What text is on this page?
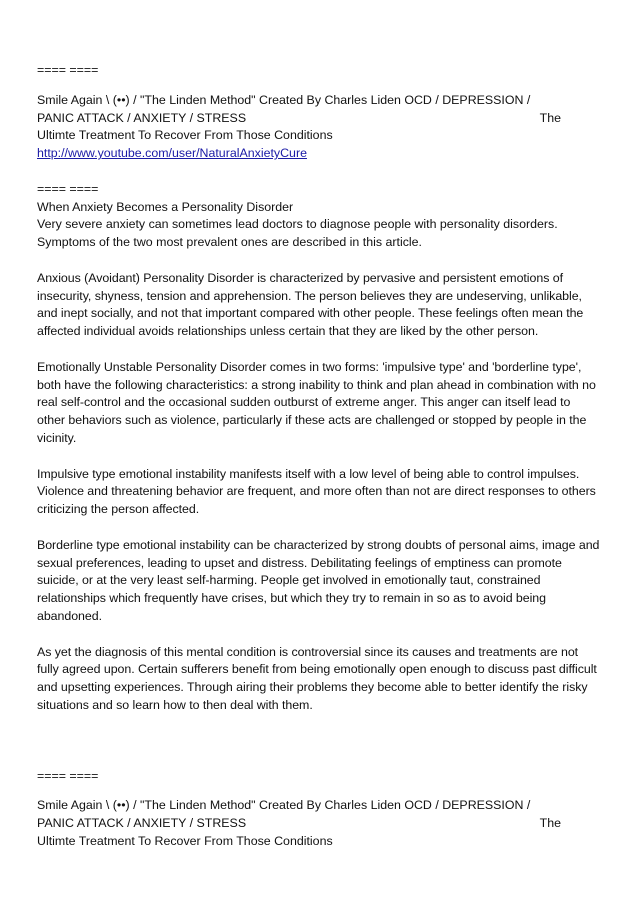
==== ====
Smile Again \ (••) / "The Linden Method" Created By Charles Liden OCD / DEPRESSION /
PANIC ATTACK / ANXIETY / STRESS	The
Ultimte Treatment To Recover From Those Conditions
http://www.youtube.com/user/NaturalAnxietyCure
==== ====
When Anxiety Becomes a Personality Disorder

Very severe anxiety can sometimes lead doctors to diagnose people with personality disorders. Symptoms of the two most prevalent ones are described in this article.

Anxious (Avoidant) Personality Disorder is characterized by pervasive and persistent emotions of insecurity, shyness, tension and apprehension. The person believes they are undeserving, unlikable, and inept socially, and not that important compared with other people. These feelings often mean the affected individual avoids relationships unless certain that they are liked by the other person.

Emotionally Unstable Personality Disorder comes in two forms: 'impulsive type' and 'borderline type', both have the following characteristics: a strong inability to think and plan ahead in combination with no real self-control and the occasional sudden outburst of extreme anger. This anger can itself lead to other behaviors such as violence, particularly if these acts are challenged or stopped by people in the vicinity.

Impulsive type emotional instability manifests itself with a low level of being able to control impulses. Violence and threatening behavior are frequent, and more often than not are direct responses to others criticizing the person affected.

Borderline type emotional instability can be characterized by strong doubts of personal aims, image and sexual preferences, leading to upset and distress. Debilitating feelings of emptiness can promote suicide, or at the very least self-harming. People get involved in emotionally taut, constrained relationships which frequently have crises, but which they try to remain in so as to avoid being abandoned.

As yet the diagnosis of this mental condition is controversial since its causes and treatments are not fully agreed upon. Certain sufferers benefit from being emotionally open enough to discuss past difficult and upsetting experiences. Through airing their problems they become able to better identify the risky situations and so learn how to then deal with them.

==== ====
Smile Again \ (••) / "The Linden Method" Created By Charles Liden OCD / DEPRESSION /
PANIC ATTACK / ANXIETY / STRESS	The
Ultimte Treatment To Recover From Those Conditions
